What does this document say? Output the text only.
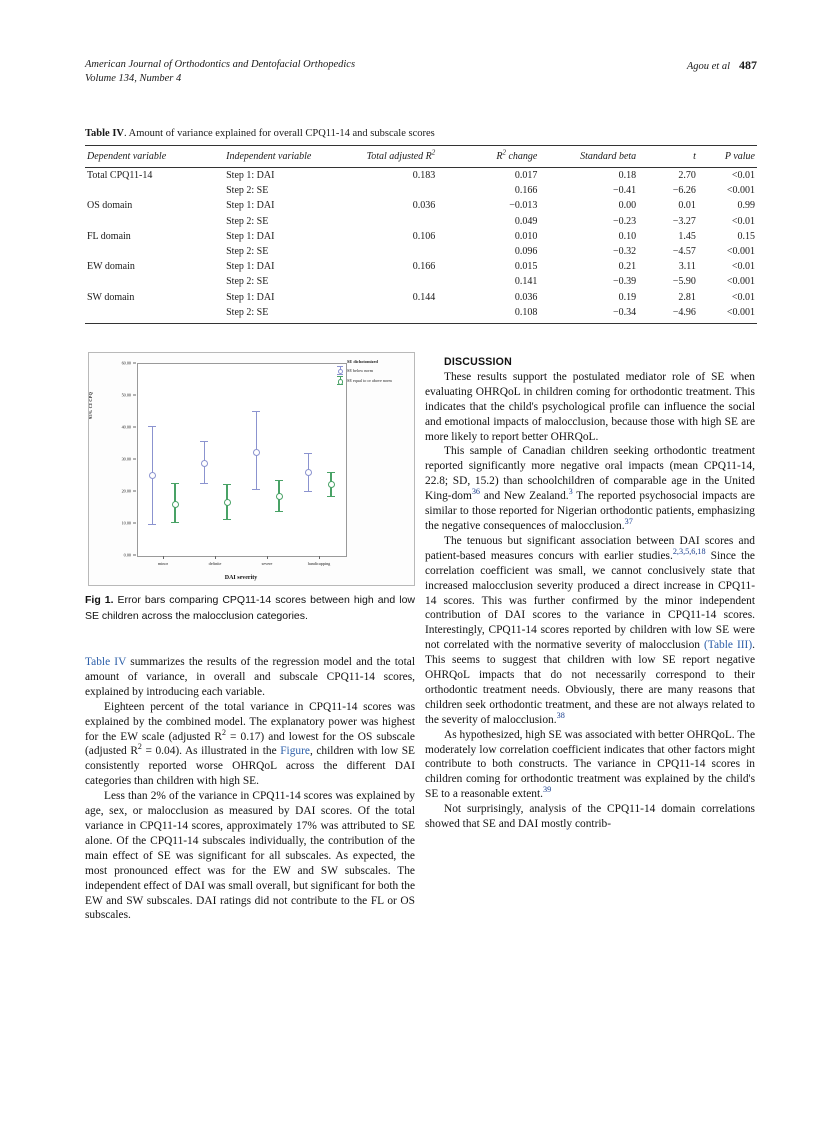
American Journal of Orthodontics and Dentofacial Orthopedics
Volume 134, Number 4
Agou et al 487
Table IV. Amount of variance explained for overall CPQ11-14 and subscale scores
Dependent variable	Independent variable	Total adjusted $R^2$	$R^2$ change	Standard beta	t	P value
Total CPQ11-14	Step 1: DAI	0.183	0.017	0.18	2.70	<0.01
	Step 2: SE		0.166	−0.41	−6.26	<0.001
OS domain	Step 1: DAI	0.036	−0.013	0.00	0.01	0.99
	Step 2: SE		0.049	−0.23	−3.27	<0.01
FL domain	Step 1: DAI	0.106	0.010	0.10	1.45	0.15
	Step 2: SE		0.096	−0.32	−4.57	<0.001
EW domain	Step 1: DAI	0.166	0.015	0.21	3.11	<0.01
	Step 2: SE		0.141	−0.39	−5.90	<0.001
SW domain	Step 1: DAI	0.144	0.036	0.19	2.81	<0.01
	Step 2: SE		0.108	−0.34	−4.96	<0.001
95% CI CPQ
0.00
10.00
20.00
30.00
40.00
50.00
60.00
minor	definite	severe	handicapping
DAI severity
SE dichotomized
SE below norm
SE equal to or above norm
Fig 1. Error bars comparing CPQ11-14 scores between high and low SE children across the malocclusion categories.

Table IV summarizes the results of the regression model and the total amount of variance, in overall and subscale CPQ11-14 scores, explained by introducing each variable.

Eighteen percent of the total variance in CPQ11-14 scores was explained by the combined model. The explanatory power was highest for the EW scale (adjusted $R^2 = 0.17$) and lowest for the OS subscale (adjusted $R^2 = 0.04$). As illustrated in the Figure, children with low SE consistently reported worse OHRQoL across the different DAI categories than children with high SE.

Less than 2% of the variance in CPQ11-14 scores was explained by age, sex, or malocclusion as measured by DAI scores. Of the total variance in CPQ11-14 scores, approximately 17% was attributed to SE alone. Of the CPQ11-14 subscales individually, the contribution of the main effect of SE was significant for all subscales. As expected, the most pronounced effect was for the EW and SW subscales. The independent effect of DAI was small overall, but significant for both the EW and SW subscales. DAI ratings did not contribute to the FL or OS subscales.

DISCUSSION

These results support the postulated mediator role of SE when evaluating OHRQoL in children coming for orthodontic treatment. This indicates that the child's psychological profile can influence the social and emotional impacts of malocclusion, because those with high SE are more likely to report better OHRQoL.

This sample of Canadian children seeking orthodontic treatment reported significantly more negative oral impacts (mean CPQ11-14, 22.8; SD, 15.2) than schoolchildren of comparable age in the United King-dom$^{36}$ and New Zealand.$^3$ The reported psychosocial impacts are similar to those reported for Nigerian orthodontic patients, emphasizing the negative consequences of malocclusion.$^{37}$

The tenuous but significant association between DAI scores and patient-based measures concurs with earlier studies.$^{2,3,5,6,18}$ Since the correlation coefficient was small, we cannot conclusively state that increased malocclusion severity produced a direct increase in CPQ11-14 scores. This was further confirmed by the minor independent contribution of DAI scores to the variance in CPQ11-14 scores. Interestingly, CPQ11-14 scores reported by children with low SE were not correlated with the normative severity of malocclusion (Table III). This seems to suggest that children with low SE report negative OHRQoL impacts that do not necessarily correspond to their orthodontic treatment needs. Obviously, there are many reasons that children seek orthodontic treatment, and these are not always related to the severity of malocclusion.$^{38}$

As hypothesized, high SE was associated with better OHRQoL. The moderately low correlation coefficient indicates that other factors might contribute to both constructs. The variance in CPQ11-14 scores in children coming for orthodontic treatment was explained by the child's SE to a reasonable extent.$^{39}$

Not surprisingly, analysis of the CPQ11-14 domain correlations showed that SE and DAI mostly contrib-
